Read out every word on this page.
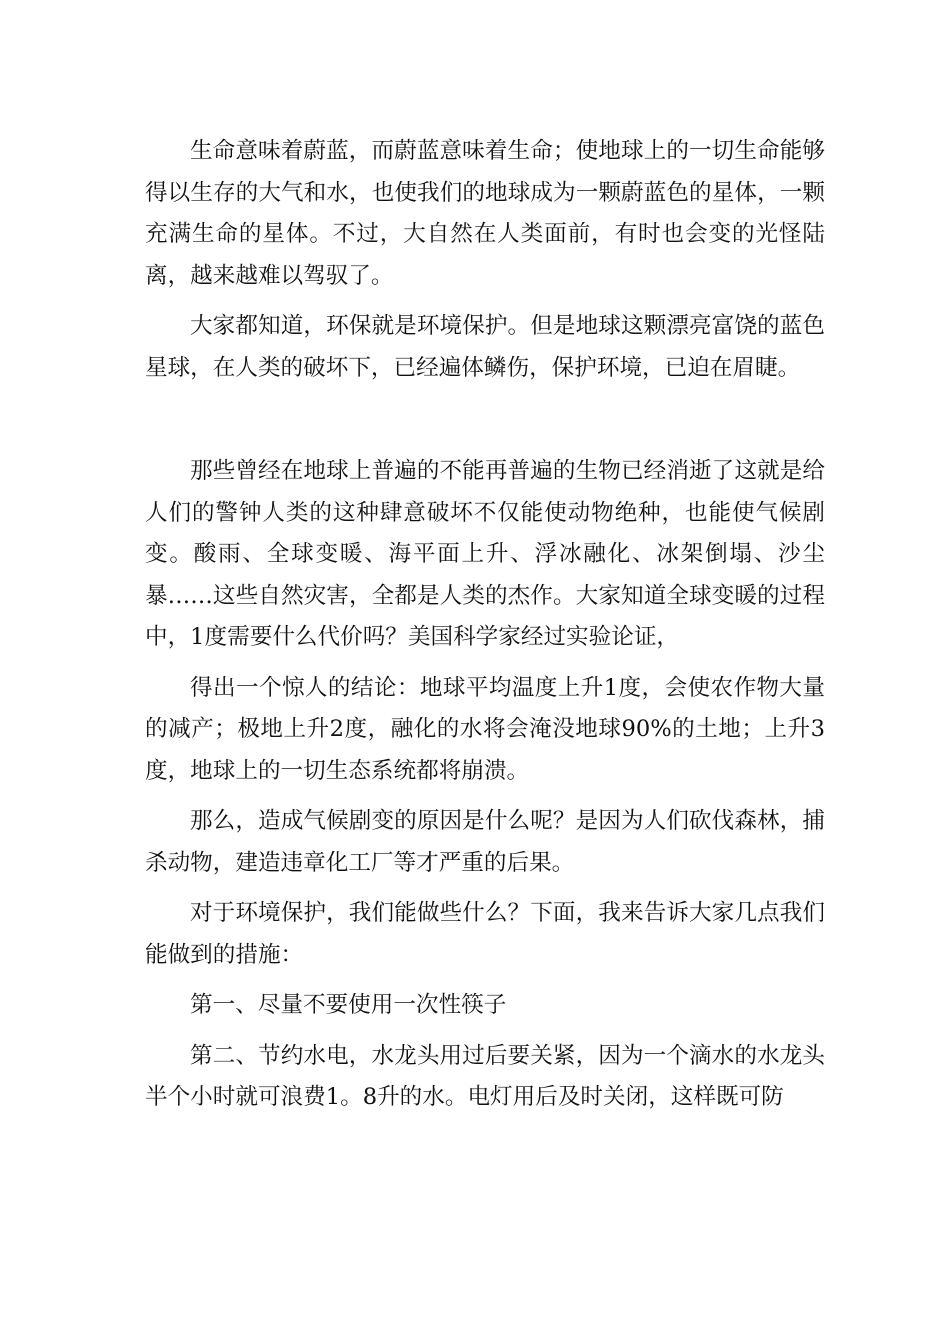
生命意味着蔚蓝，而蔚蓝意味着生命；使地球上的一切生命能够得以生存的大气和水，也使我们的地球成为一颗蔚蓝色的星体，一颗充满生命的星体。不过，大自然在人类面前，有时也会变的光怪陆离，越来越难以驾驭了。

大家都知道，环保就是环境保护。但是地球这颗漂亮富饶的蓝色星球，在人类的破坏下，已经遍体鳞伤，保护环境，已迫在眉睫。

那些曾经在地球上普遍的不能再普遍的生物已经消逝了这就是给人们的警钟人类的这种肆意破坏不仅能使动物绝种，也能使气候剧变。酸雨、全球变暖、海平面上升、浮冰融化、冰架倒塌、沙尘暴……这些自然灾害，全都是人类的杰作。大家知道全球变暖的过程中，1度需要什么代价吗？美国科学家经过实验论证，

得出一个惊人的结论：地球平均温度上升1度，会使农作物大量的减产；极地上升2度，融化的水将会淹没地球90%的土地；上升3度，地球上的一切生态系统都将崩溃。

那么，造成气候剧变的原因是什么呢？是因为人们砍伐森林，捕杀动物，建造违章化工厂等才严重的后果。

对于环境保护，我们能做些什么？下面，我来告诉大家几点我们能做到的措施：

第一、尽量不要使用一次性筷子

第二、节约水电，水龙头用过后要关紧，因为一个滴水的水龙头半个小时就可浪费1。8升的水。电灯用后及时关闭，这样既可防
